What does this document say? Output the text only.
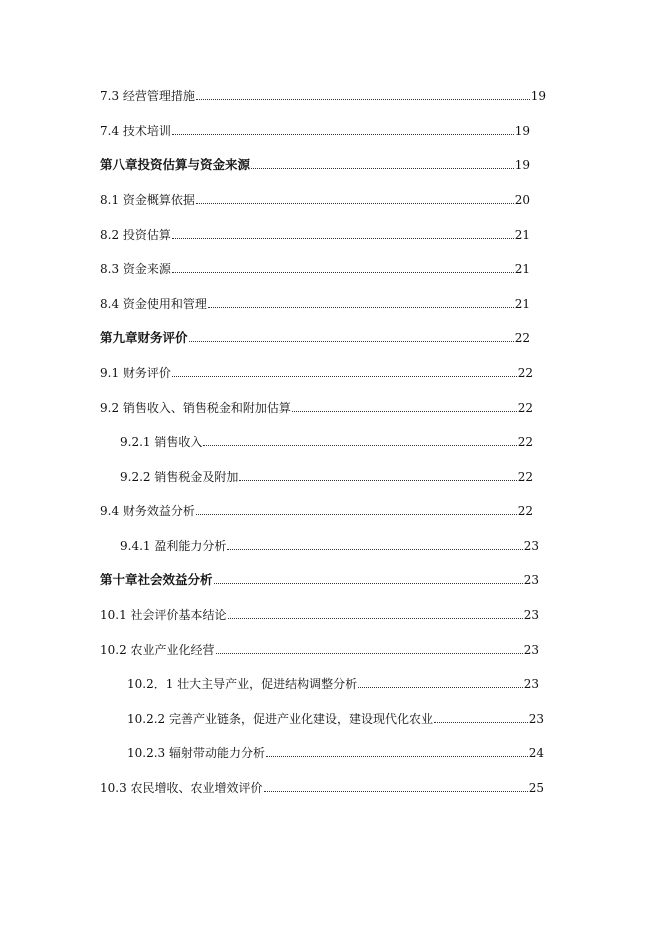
7.3 经营管理措施	19
7.4 技术培训	19
第八章投资估算与资金来源	19
8.1 资金概算依据	20
8.2 投资估算	21
8.3 资金来源	21
8.4 资金使用和管理	21
第九章财务评价	22
9.1 财务评价	22
9.2 销售收入、销售税金和附加估算	22
9.2.1 销售收入	22
9.2.2 销售税金及附加	22
9.4 财务效益分析	22
9.4.1 盈利能力分析	23
第十章社会效益分析	23
10.1 社会评价基本结论	23
10.2 农业产业化经营	23
10.2．1 壮大主导产业，促进结构调整分析	23
10.2.2 完善产业链条，促进产业化建设，建设现代化农业	23
10.2.3 辐射带动能力分析	24
10.3 农民增收、农业增效评价	25
